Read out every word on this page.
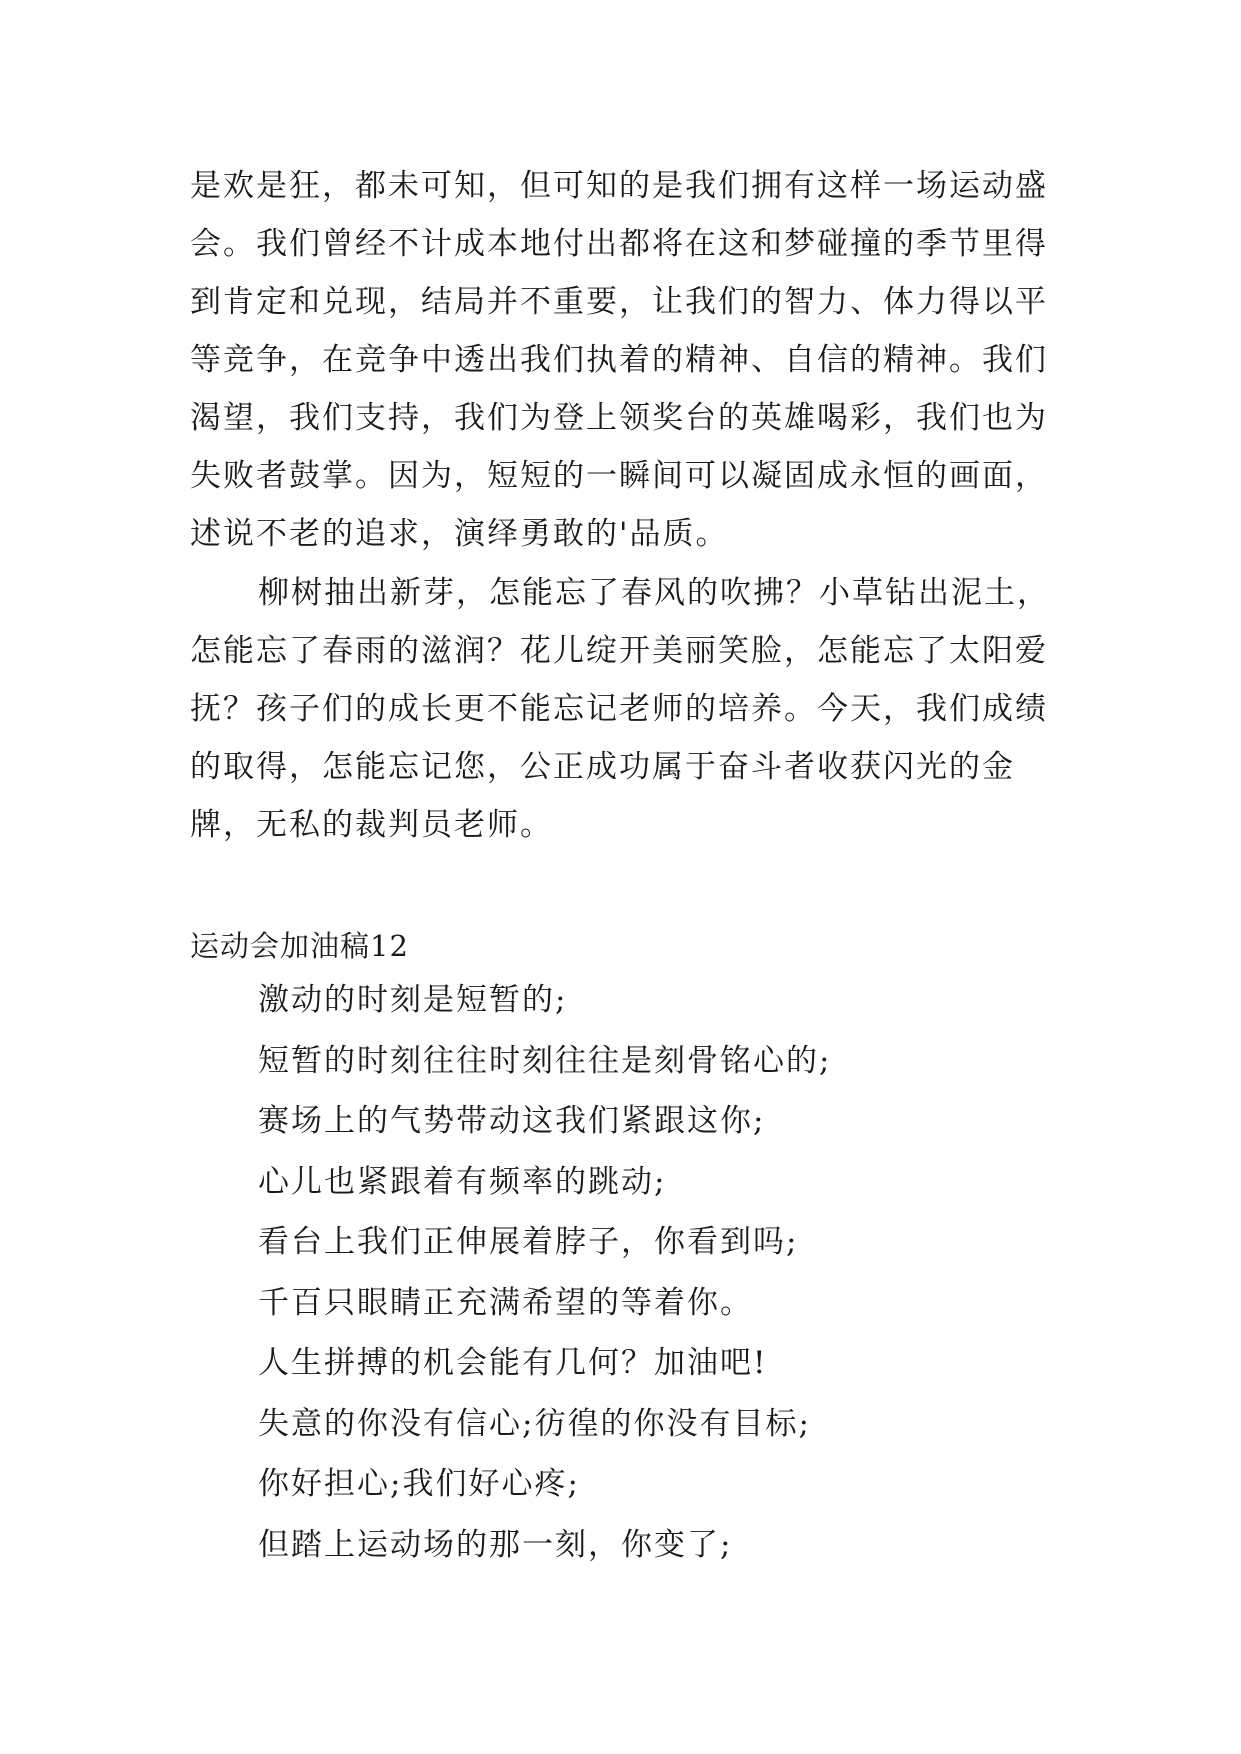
是欢是狂，都未可知，但可知的是我们拥有这样一场运动盛会。我们曾经不计成本地付出都将在这和梦碰撞的季节里得到肯定和兑现，结局并不重要，让我们的智力、体力得以平等竞争，在竞争中透出我们执着的精神、自信的精神。我们渴望，我们支持，我们为登上领奖台的英雄喝彩，我们也为失败者鼓掌。因为，短短的一瞬间可以凝固成永恒的画面，述说不老的追求，演绎勇敢的'品质。

柳树抽出新芽，怎能忘了春风的吹拂？小草钻出泥土，怎能忘了春雨的滋润？花儿绽开美丽笑脸，怎能忘了太阳爱抚？孩子们的成长更不能忘记老师的培养。今天，我们成绩的取得，怎能忘记您，公正成功属于奋斗者收获闪光的金牌，无私的裁判员老师。

运动会加油稿12
激动的时刻是短暂的;
短暂的时刻往往时刻往往是刻骨铭心的;
赛场上的气势带动这我们紧跟这你;
心儿也紧跟着有频率的跳动;
看台上我们正伸展着脖子，你看到吗;
千百只眼睛正充满希望的等着你。
人生拼搏的机会能有几何？加油吧!
失意的你没有信心;彷徨的你没有目标;
你好担心;我们好心疼;
但踏上运动场的那一刻，你变了;
